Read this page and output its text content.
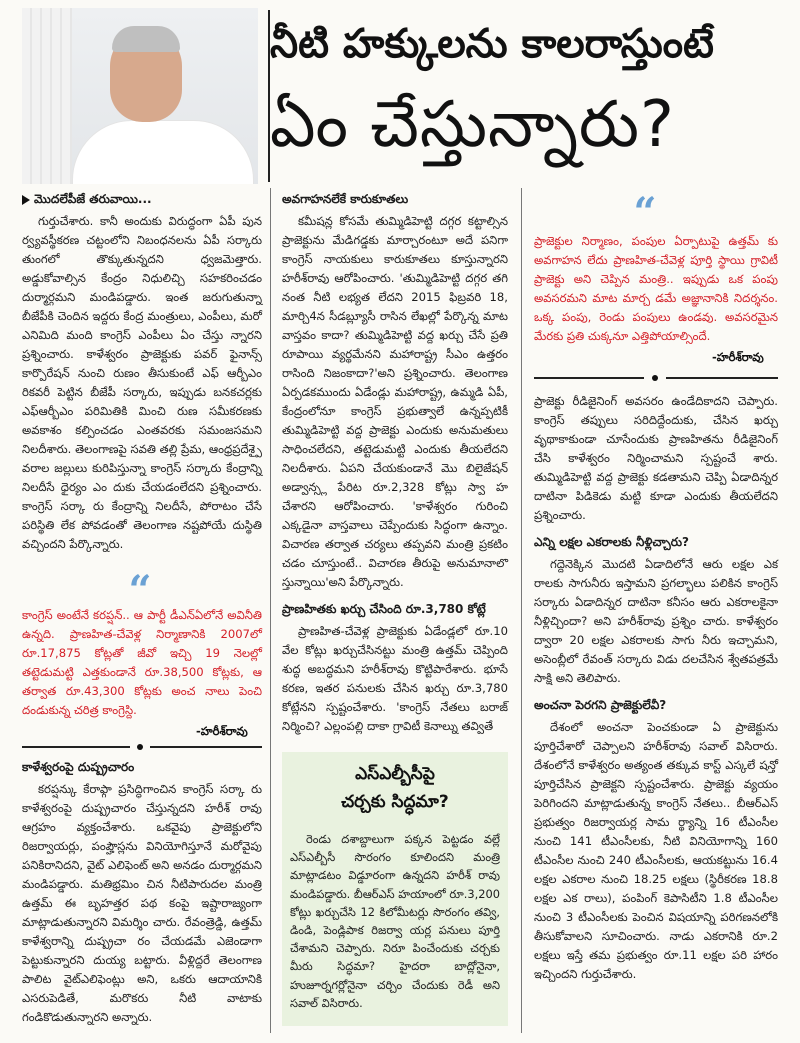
నీటి హక్కులను కాలరాస్తుంటే
ఏం చేస్తున్నారు?
మొదలేపీజే తరువాయి...

గుర్తుచేశారు. కానీ అందుకు విరుద్ధంగా ఏపీ పున ర్వ్యవస్థీకరణ చట్టంలోని నిబంధనలను ఏపీ సర్కారు తుంగలో తొక్కుతున్నదని ధ్వజమెత్తారు. అడ్డుకోవాల్సిన కేంద్రం నిధులిచ్చి సహకరించడం దుర్మార్గమని మండిపడ్డారు. ఇంత జరుగుతున్నా బీజేపీకి చెందిన ఇద్దరు కేంద్ర మంత్రులు, ఎంపీలు, మరో ఎనిమిది మంది కాంగ్రెస్ ఎంపీలు ఏం చేస్తు న్నారని ప్రశ్నించారు. కాళేశ్వరం ప్రాజెక్టుకు పవర్ ఫైనాన్స్ కార్పొరేషన్ నుంచి రుణం తీసుకుంటే ఎఫ్ ఆర్బీఎం రికవరీ పెట్టిన బీజేపీ సర్కారు, ఇప్పుడు బనకచర్లకు ఎఫ్ఆర్బీఎం పరిమితికి మించి రుణ సమీకరణకు అవకాశం కల్పించడం ఎంతవరకు సమంజసమని నిలదీశారు. తెలంగాణపై సవతి తల్లి ప్రేమ, ఆంధ్రప్రదేశ్పై వరాల జల్లులు కురిపిస్తున్నా కాంగ్రెస్ సర్కారు కేంద్రాన్ని నిలదీసే ధైర్యం ఎం దుకు చేయడంలేదని ప్రశ్నించారు. కాంగ్రెస్ సర్కా రు కేంద్రాన్ని నిలదీసే, పోరాటం చేసే పరిస్థితి లేక పోవడంతో తెలంగాణ నష్టపోయే దుస్థితి వచ్చిందని పేర్కొన్నారు.

“
కాంగ్రెస్ అంటేనే కరప్షన్.. ఆ పార్టీ డీఎన్ఏలోనే అవినీతి ఉన్నది. ప్రాణహిత-చేవెళ్ల నిర్మాణానికి 2007లో రూ.17,875 కోట్లతో జీవో ఇచ్చి 19 నెలల్లో తట్టెడుమట్టి ఎత్తకుండానే రూ.38,500 కోట్లకు, ఆ తర్వాత రూ.43,300 కోట్లకు అంచ నాలు పెంచి దండుకున్న చరిత్ర కాంగ్రెస్ది.
-హరీశ్‌రావు
కాళేశ్వరంపై దుష్ప్రచారం

కరప్షన్కు కేరాఫ్గా ప్రసిద్ధిగాంచిన కాంగ్రెస్ సర్కా రు కాళేశ్వరంపై దుష్ప్రచారం చేస్తున్నదని హరీశ్ రావు ఆగ్రహం వ్యక్తంచేశారు. ఒకవైపు ప్రాజెక్టులోని రిజర్వాయర్లు, పంప్హౌస్లను వినియోగిస్తూనే మరోవైపు పనికిరానిదని, వైట్ ఎలిఫెంట్ అని అనడం దుర్మార్గమని మండిపడ్డారు. మతిభ్రమిం చిన నీటిపారుదల మంత్రి ఉత్తమ్ ఈ బృహత్తర పథ కంపై ఇష్టారాజ్యంగా మాట్లాడుతున్నారని విమర్శిం చారు. రేవంత్రెడ్డి, ఉత్తమ్ కాళేశ్వరాన్ని దుష్ప్రచా రం చేయడమే ఎజెండాగా పెట్టుకున్నారని దుయ్య బట్టారు. వీళ్లిద్దరే తెలంగాణ పాలిట వైట్ఎలిఫెంట్లు అని, ఒకరు ఆదాయానికి ఎసరుపెడితే, మరొకరు నీటి వాటాకు గండికొడుతున్నారని అన్నారు.

అవగాహనలేకే కారుకూతలు

కమీషన్ల కోసమే తుమ్మిడిహెట్టి దగ్గర కట్టాల్సిన ప్రాజెక్టును మేడిగడ్డకు మార్చారంటూ అదే పనిగా కాంగ్రెస్ నాయకులు కారుకూతలు కూస్తున్నారని హరీశ్‌రావు ఆరోపించారు. 'తుమ్మిడిహెట్టి దగ్గర తగి నంత నీటి లభ్యత లేదని 2015 ఫిబ్రవరి 18, మార్చి4న సీడబ్ల్యూసీ రాసిన లేఖల్లో పేర్కొన్న మాట వాస్తవం కాదా? తుమ్మిడిహెట్టి వద్ద ఖర్చు చేసే ప్రతి రూపాయి వ్యర్థమేనని మహారాష్ట్ర సీఎం ఉత్తరం రాసింది నిజంకాదా?'అని ప్రశ్నించారు. తెలంగాణ ఏర్పడకముందు ఏడేండ్లు మహారాష్ట్ర, ఉమ్మడి ఏపీ, కేంద్రంలోనూ కాంగ్రెస్ ప్రభుత్వాలే ఉన్నప్పటికీ తుమ్మిడిహెట్టి వద్ద ప్రాజెక్టు ఎందుకు అనుమతులు సాధించలేదని, తట్టెడుమట్టి ఎందుకు తీయలేదని నిలదీశారు. ఏపని చేయకుండానే మొ బిలైజేషన్ అడ్వాన్స్ల పేరిట రూ.2,328 కోట్లు స్వా హ చేశారని ఆరోపించారు. 'కాళేశ్వరం గురించి ఎక్కడైనా వాస్తవాలు చెప్పేందుకు సిద్ధంగా ఉన్నాం. విచారణ తర్వాత చర్యలు తప్పవని మంత్రి ప్రకటిం చడం చూస్తుంటే.. విచారణ తీరుపై అనుమానాలొ స్తున్నాయి'అని పేర్కొన్నారు.

ప్రాణహితకు ఖర్చు చేసింది రూ.3,780 కోట్లే

ప్రాణహిత-చేవెళ్ల ప్రాజెక్టుకు ఏడేండ్లలో రూ.10 వేల కోట్లు ఖర్చుచేసినట్టు మంత్రి ఉత్తమ్ చెప్పింది శుద్ధ అబద్ధమని హరీశ్‌రావు కొట్టిపారేశారు. భూసే కరణ, ఇతర పనులకు చేసిన ఖర్చు రూ.3,780 కోట్లేనని స్పష్టంచేశారు. 'కాంగ్రెస్ నేతలు బరాజ్ నిర్మించి? ఎల్లంపల్లి దాకా గ్రావిటీ కెనాల్ను తవ్వితే

ఎస్ఎల్బీసీపై
చర్చకు సిద్ధమా?

రెండు దశాబ్దాలుగా పక్కన పెట్టడం వల్లే ఎస్ఎల్బీసీ సొరంగం కూలిందని మంత్రి మాట్లాడటం విడ్డూరంగా ఉన్నదని హరీశ్ రావు మండిపడ్డారు. బీఆర్ఎస్ హయాంలో రూ.3,200 కోట్లు ఖర్చుచేసి 12 కిలోమీటర్లు సొరంగం తవ్వి, డిండి, పెండ్లిపాక రిజర్వా యర్ల పనులు పూర్తి చేశామని చెప్పారు. నిరూ పించేందుకు చర్చకు మీరు సిద్ధమా? హైదరా బాద్లోనైనా, హుజూర్నగర్లోనైనా చర్చిం చేందుకు రెడీ అని సవాల్ విసిరారు.

“
ప్రాజెక్టుల నిర్మాణం, పంపుల ఏర్పాటుపై ఉత్తమ్ కు అవగాహన లేదు ప్రాణహిత-చేవెళ్ల పూర్తి స్థాయి గ్రావిటీ ప్రాజెక్టు అని చెప్పిన మంత్రి.. ఇప్పుడు ఒక పంపు అవసరమని మాట మార్చ డమే అజ్ఞానానికి నిదర్శనం. ఒక్క పంపు, రెండు పంపులు ఉండవు. అవసరమైన మేరకు ప్రతి చుక్కనూ ఎత్తిపోయాల్సిందే.
-హరీశ్‌రావు

ప్రాజెక్టు రీడిజైనింగ్ అవసరం ఉండేదికాదని చెప్పారు. కాంగ్రెస్ తప్పులు సరిదిద్దేందుకు, చేసిన ఖర్చు వృథాకాకుండా చూసేందుకు ప్రాణహితను రీడిజైనింగ్ చేసి కాళేశ్వరం నిర్మించామని స్పష్టంచే శారు. తుమ్మిడిహెట్టి వద్ద ప్రాజెక్టు కడతామని చెప్పి ఏడాదిన్నర దాటినా పిడికెడు మట్టి కూడా ఎందుకు తీయలేదని ప్రశ్నించారు.

ఎన్ని లక్షల ఎకరాలకు నీళ్లిచ్చారు?

గద్దెనెక్కిన మొదటి ఏడాదిలోనే ఆరు లక్షల ఎక రాలకు సాగునీరు ఇస్తామని ప్రగల్భాలు పలికిన కాంగ్రెస్ సర్కారు ఏడాదిన్నర దాటినా కనీసం ఆరు ఎకరాలకైనా నీళ్లిచ్చిందా? అని హరీశ్‌రావు ప్రశ్నిం చారు. కాళేశ్వరం ద్వారా 20 లక్షల ఎకరాలకు సాగు నీరు ఇచ్చామని, అసెంబ్లీలో రేవంత్ సర్కారు విడు దలచేసిన శ్వేతపత్రమే సాక్షి అని తెలిపారు.

అంచనా పెరగని ప్రాజెక్టులేవీ?

దేశంలో అంచనా పెంచకుండా ఏ ప్రాజెక్టును పూర్తిచేశారో చెప్పాలని హరీశ్‌రావు సవాల్ విసిరారు. దేశంలోనే కాళేశ్వరం అత్యంత తక్కువ కాస్ట్ ఎస్కలే షన్తో పూర్తిచేసిన ప్రాజెక్టని స్పష్టంచేశారు. ప్రాజెక్టు వ్యయం పెరిగిందని మాట్లాడుతున్న కాంగ్రెస్ నేతలు.. బీఆర్ఎస్ ప్రభుత్వం రిజర్వాయర్ల సామ ర్థ్యాన్ని 16 టీఎంసీల నుంచి 141 టీఎంసీలకు, నీటి వినియోగాన్ని 160 టీఎంసీల నుంచి 240 టీఎంసీలకు, ఆయకట్టును 16.4 లక్షల ఎకరాల నుంచి 18.25 లక్షలు (స్థిరీకరణ 18.8 లక్షల ఎక రాలు), పంపింగ్ కెపాసిటీని 1.8 టీఎంసీల నుంచి 3 టీఎంసీలకు పెంచిన విషయాన్ని పరిగణనలోకి తీసుకోవాలని సూచించారు. నాడు ఎకరానికి రూ.2 లక్షలు ఇస్తే తమ ప్రభుత్వం రూ.11 లక్షల పరి హారం ఇచ్చిందని గుర్తుచేశారు.
